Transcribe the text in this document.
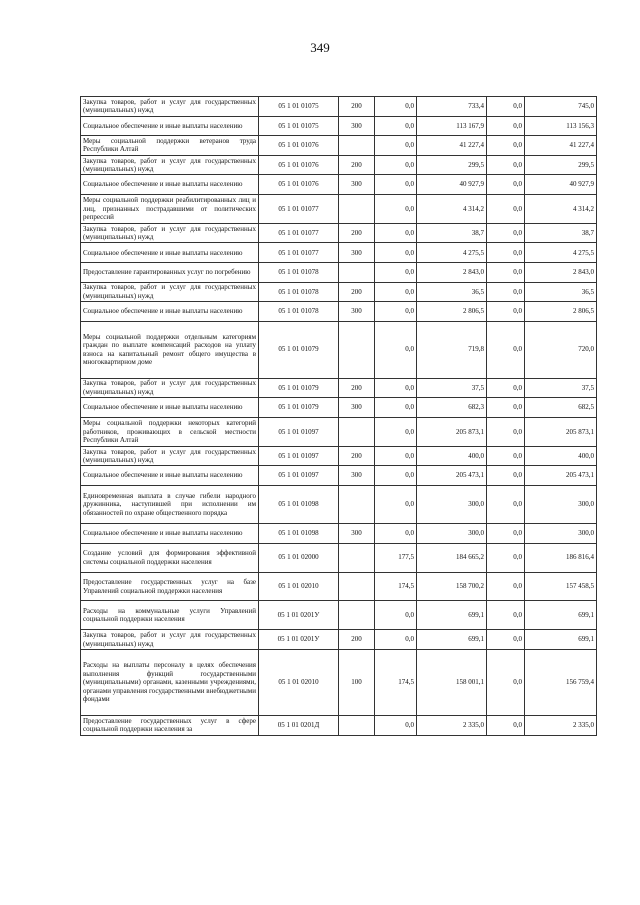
349
Закупка товаров, работ и услуг для государственных (муниципальных) нужд	05 1 01 01075	200	0,0	733,4	0,0	745,0
Социальное обеспечение и иные выплаты населению	05 1 01 01075	300	0,0	113 167,9	0,0	113 156,3
Меры социальной поддержки ветеранов труда Республики Алтай	05 1 01 01076		0,0	41 227,4	0,0	41 227,4
Закупка товаров, работ и услуг для государственных (муниципальных) нужд	05 1 01 01076	200	0,0	299,5	0,0	299,5
Социальное обеспечение и иные выплаты населению	05 1 01 01076	300	0,0	40 927,9	0,0	40 927,9
Меры социальной поддержки реабилитированных лиц и лиц, признанных пострадавшими от политических репрессий	05 1 01 01077		0,0	4 314,2	0,0	4 314,2
Закупка товаров, работ и услуг для государственных (муниципальных) нужд	05 1 01 01077	200	0,0	38,7	0,0	38,7
Социальное обеспечение и иные выплаты населению	05 1 01 01077	300	0,0	4 275,5	0,0	4 275,5
Предоставление гарантированных услуг по погребению	05 1 01 01078		0,0	2 843,0	0,0	2 843,0
Закупка товаров, работ и услуг для государственных (муниципальных) нужд	05 1 01 01078	200	0,0	36,5	0,0	36,5
Социальное обеспечение и иные выплаты населению	05 1 01 01078	300	0,0	2 806,5	0,0	2 806,5
Меры социальной поддержки отдельным категориям граждан по выплате компенсаций расходов на уплату взноса на капитальный ремонт общего имущества в многоквартирном доме	05 1 01 01079		0,0	719,8	0,0	720,0
Закупка товаров, работ и услуг для государственных (муниципальных) нужд	05 1 01 01079	200	0,0	37,5	0,0	37,5
Социальное обеспечение и иные выплаты населению	05 1 01 01079	300	0,0	682,3	0,0	682,5
Меры социальной поддержки некоторых категорий работников, проживающих в сельской местности Республики Алтай	05 1 01 01097		0,0	205 873,1	0,0	205 873,1
Закупка товаров, работ и услуг для государственных (муниципальных) нужд	05 1 01 01097	200	0,0	400,0	0,0	400,0
Социальное обеспечение и иные выплаты населению	05 1 01 01097	300	0,0	205 473,1	0,0	205 473,1
Единовременная выплата в случае гибели народного дружинника, наступившей при исполнении им обязанностей по охране общественного порядка	05 1 01 01098		0,0	300,0	0,0	300,0
Социальное обеспечение и иные выплаты населению	05 1 01 01098	300	0,0	300,0	0,0	300,0
Создание условий для формирования эффективной системы социальной поддержки населения	05 1 01 02000		177,5	184 665,2	0,0	186 816,4
Предоставление государственных услуг на базе Управлений социальной поддержки населения	05 1 01 02010		174,5	158 700,2	0,0	157 458,5
Расходы на коммунальные услуги Управлений социальной поддержки населения	05 1 01 0201У		0,0	699,1	0,0	699,1
Закупка товаров, работ и услуг для государственных (муниципальных) нужд	05 1 01 0201У	200	0,0	699,1	0,0	699,1
Расходы на выплаты персоналу в целях обеспечения выполнения функций государственными (муниципальными) органами, казенными учреждениями, органами управления государственными внебюджетными фондами	05 1 01 02010	100	174,5	158 001,1	0,0	156 759,4
Предоставление государственных услуг в сфере социальной поддержки населения за	05 1 01 0201Д		0,0	2 335,0	0,0	2 335,0
